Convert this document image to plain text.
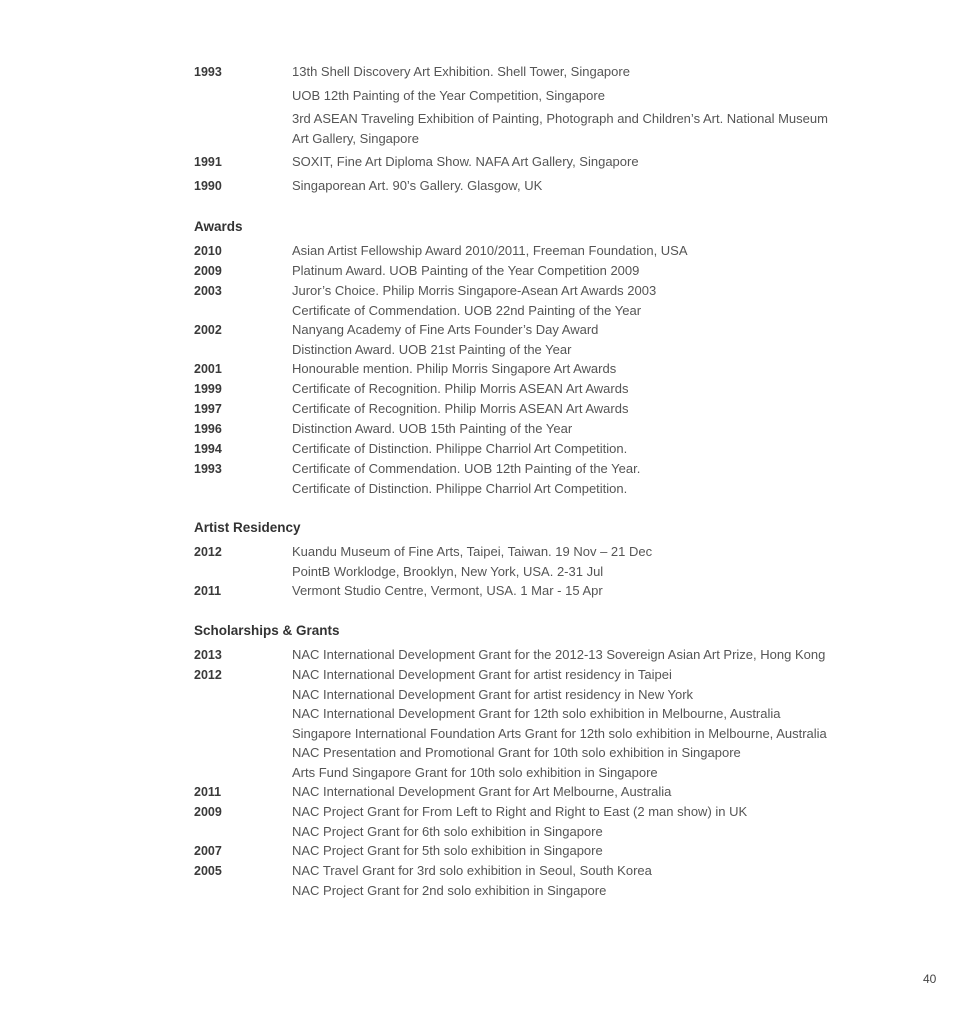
1993	13th Shell Discovery Art Exhibition. Shell Tower, Singapore
UOB 12th Painting of the Year Competition, Singapore
3rd ASEAN Traveling Exhibition of Painting, Photograph and Children’s Art. National Museum Art Gallery, Singapore
1991	SOXIT, Fine Art Diploma Show. NAFA Art Gallery, Singapore
1990	Singaporean Art. 90’s Gallery. Glasgow, UK
Awards
2010	Asian Artist Fellowship Award 2010/2011, Freeman Foundation, USA
2009	Platinum Award. UOB Painting of the Year Competition 2009
2003	Juror’s Choice. Philip Morris Singapore-Asean Art Awards 2003
Certificate of Commendation. UOB 22nd Painting of the Year
2002	Nanyang Academy of Fine Arts Founder’s Day Award
Distinction Award. UOB 21st Painting of the Year
2001	Honourable mention. Philip Morris Singapore Art Awards
1999	Certificate of Recognition. Philip Morris ASEAN Art Awards
1997	Certificate of Recognition. Philip Morris ASEAN Art Awards
1996	Distinction Award. UOB 15th Painting of the Year
1994	Certificate of Distinction. Philippe Charriol Art Competition.
1993	Certificate of Commendation. UOB 12th Painting of the Year.
Certificate of Distinction. Philippe Charriol Art Competition.
Artist Residency
2012	Kuandu Museum of Fine Arts, Taipei, Taiwan. 19 Nov – 21 Dec
PointB Worklodge, Brooklyn, New York, USA. 2-31 Jul
2011	Vermont Studio Centre, Vermont, USA. 1 Mar - 15 Apr
Scholarships & Grants
2013	NAC International Development Grant for the 2012-13 Sovereign Asian Art Prize, Hong Kong
2012	NAC International Development Grant for artist residency in Taipei
NAC International Development Grant for artist residency in New York
NAC International Development Grant for 12th solo exhibition in Melbourne, Australia
Singapore International Foundation Arts Grant for 12th solo exhibition in Melbourne, Australia
NAC Presentation and Promotional Grant for 10th solo exhibition in Singapore
Arts Fund Singapore Grant for 10th solo exhibition in Singapore
2011	NAC International Development Grant for Art Melbourne, Australia
2009	NAC Project Grant for From Left to Right and Right to East (2 man show) in UK
NAC Project Grant for 6th solo exhibition in Singapore
2007	NAC Project Grant for 5th solo exhibition in Singapore
2005	NAC Travel Grant for 3rd solo exhibition in Seoul, South Korea
NAC Project Grant for 2nd solo exhibition in Singapore
40
